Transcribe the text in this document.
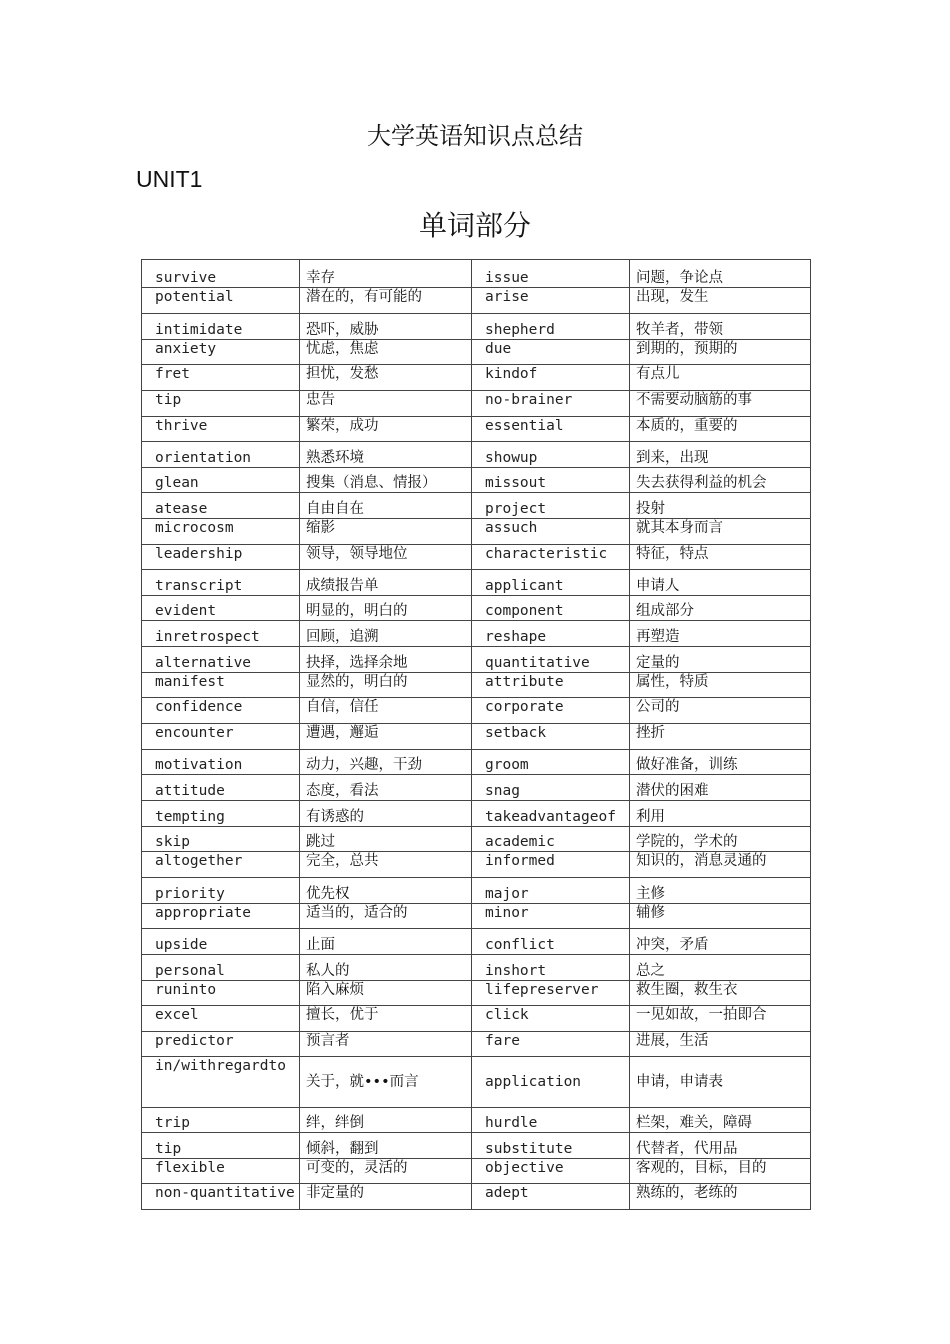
大学英语知识点总结
UNIT1
单词部分
survive	幸存	issue	问题，争论点
potential	潜在的，有可能的	arise	出现，发生
intimidate	恐吓，威胁	shepherd	牧羊者，带领
anxiety	忧虑，焦虑	due	到期的，预期的
fret	担忧，发愁	kindof	有点儿
tip	忠告	no-brainer	不需要动脑筋的事
thrive	繁荣，成功	essential	本质的，重要的
orientation	熟悉环境	showup	到来，出现
glean	搜集（消息、情报）	missout	失去获得利益的机会
atease	自由自在	project	投射
microcosm	缩影	assuch	就其本身而言
leadership	领导，领导地位	characteristic	特征，特点
transcript	成绩报告单	applicant	申请人
evident	明显的，明白的	component	组成部分
inretrospect	回顾，追溯	reshape	再塑造
alternative	抉择，选择余地	quantitative	定量的
manifest	显然的，明白的	attribute	属性，特质
confidence	自信，信任	corporate	公司的
encounter	遭遇，邂逅	setback	挫折
motivation	动力，兴趣，干劲	groom	做好准备，训练
attitude	态度，看法	snag	潜伏的困难
tempting	有诱惑的	takeadvantageof	利用
skip	跳过	academic	学院的，学术的
altogether	完全，总共	informed	知识的，消息灵通的
priority	优先权	major	主修
appropriate	适当的，适合的	minor	辅修
upside	止面	conflict	冲突，矛盾
personal	私人的	inshort	总之
runinto	陷入麻烦	lifepreserver	救生圈，救生衣
excel	擅长，优于	click	一见如故，一拍即合
predictor	预言者	fare	进展，生活
in/withregardto	关于，就•••而言	application	申请，申请表
trip	绊，绊倒	hurdle	栏架，难关，障碍
tip	倾斜，翻到	substitute	代替者，代用品
flexible	可变的，灵活的	objective	客观的，目标，目的
non-quantitative	非定量的	adept	熟练的，老练的
